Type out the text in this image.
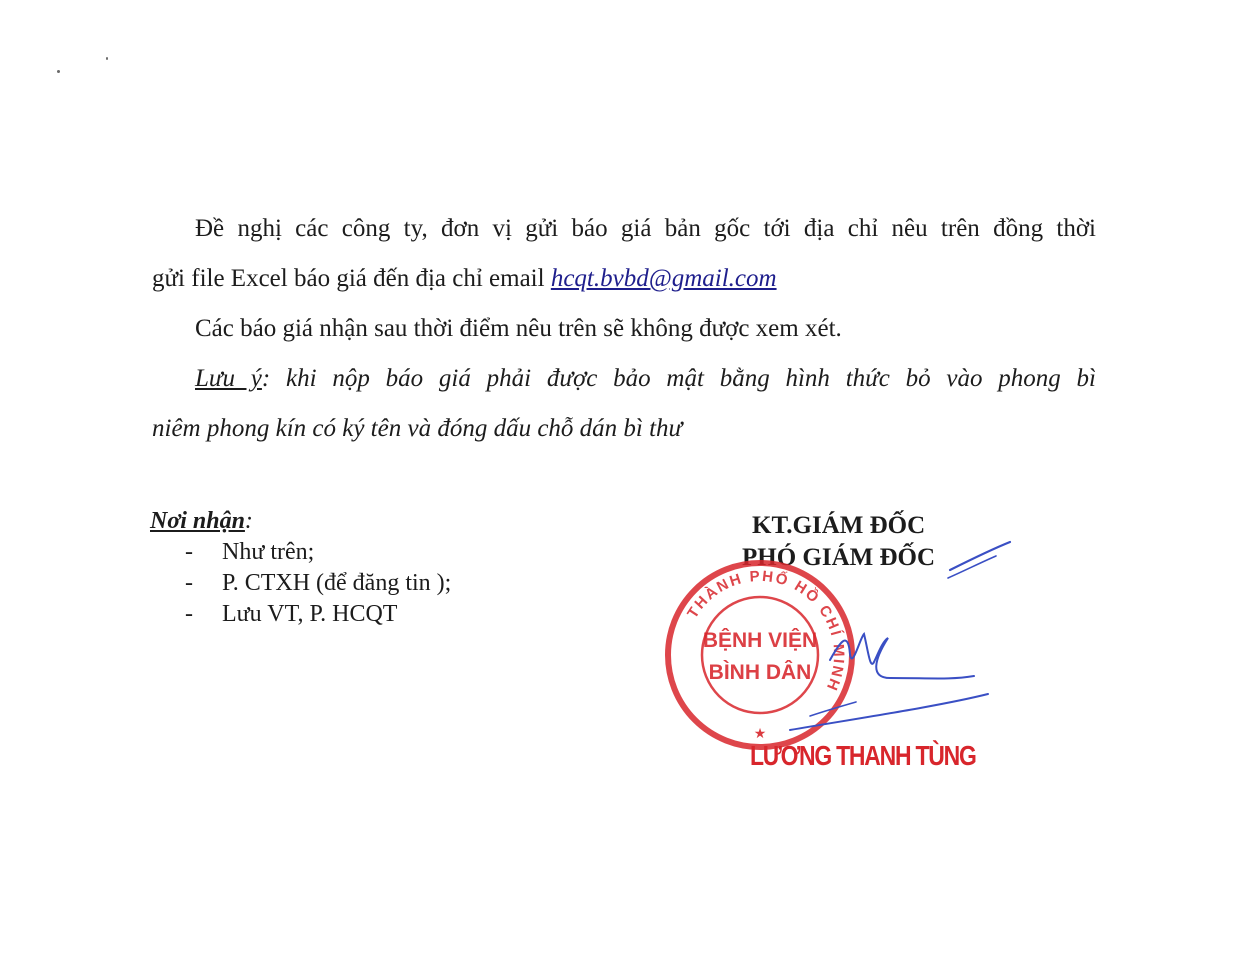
Đề nghị các công ty, đơn vị gửi báo giá bản gốc tới địa chỉ nêu trên đồng thời

gửi file Excel báo giá đến địa chỉ email hcqt.bvbd@gmail.com

Các báo giá nhận sau thời điểm nêu trên sẽ không được xem xét.

Lưu ý: khi nộp báo giá phải được bảo mật bằng hình thức bỏ vào phong bì

niêm phong kín có ký tên và đóng dấu chỗ dán bì thư

Nơi nhận:
- Như trên;
- P. CTXH (để đăng tin );
- Lưu VT, P. HCQT
KT.GIÁM ĐỐC
PHÓ GIÁM ĐỐC
THÀNH PHỐ HỒ CHÍ MINH
BỆNH VIỆN
BÌNH DÂN
★
LƯƠNG THANH TÙNG
